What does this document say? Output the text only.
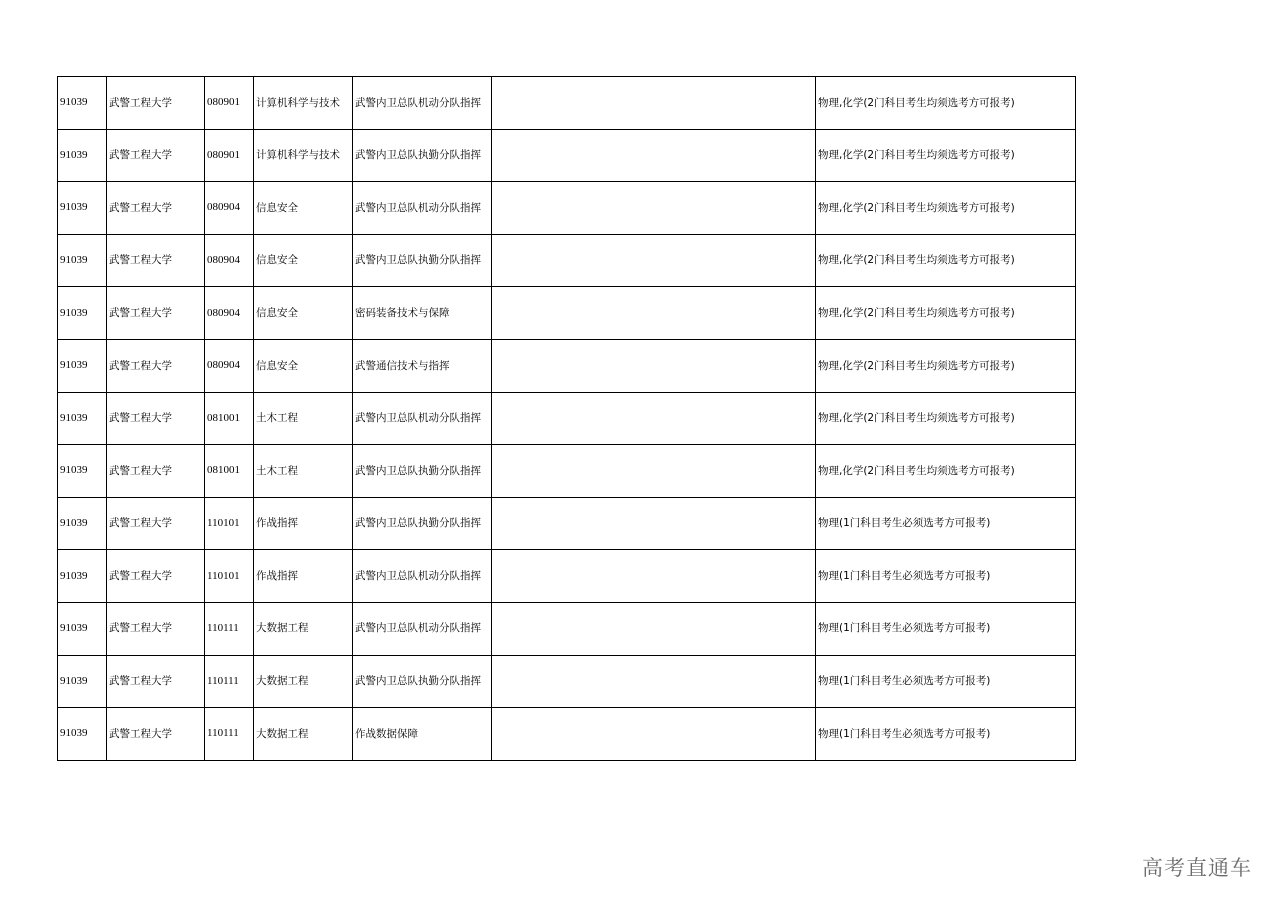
91039	武警工程大学	080901	计算机科学与技术	武警内卫总队机动分队指挥		物理,化学(2门科目考生均须选考方可报考)
91039	武警工程大学	080901	计算机科学与技术	武警内卫总队执勤分队指挥		物理,化学(2门科目考生均须选考方可报考)
91039	武警工程大学	080904	信息安全	武警内卫总队机动分队指挥		物理,化学(2门科目考生均须选考方可报考)
91039	武警工程大学	080904	信息安全	武警内卫总队执勤分队指挥		物理,化学(2门科目考生均须选考方可报考)
91039	武警工程大学	080904	信息安全	密码装备技术与保障		物理,化学(2门科目考生均须选考方可报考)
91039	武警工程大学	080904	信息安全	武警通信技术与指挥		物理,化学(2门科目考生均须选考方可报考)
91039	武警工程大学	081001	土木工程	武警内卫总队机动分队指挥		物理,化学(2门科目考生均须选考方可报考)
91039	武警工程大学	081001	土木工程	武警内卫总队执勤分队指挥		物理,化学(2门科目考生均须选考方可报考)
91039	武警工程大学	110101	作战指挥	武警内卫总队执勤分队指挥		物理(1门科目考生必须选考方可报考)
91039	武警工程大学	110101	作战指挥	武警内卫总队机动分队指挥		物理(1门科目考生必须选考方可报考)
91039	武警工程大学	110111	大数据工程	武警内卫总队机动分队指挥		物理(1门科目考生必须选考方可报考)
91039	武警工程大学	110111	大数据工程	武警内卫总队执勤分队指挥		物理(1门科目考生必须选考方可报考)
91039	武警工程大学	110111	大数据工程	作战数据保障		物理(1门科目考生必须选考方可报考)
高考直通车
